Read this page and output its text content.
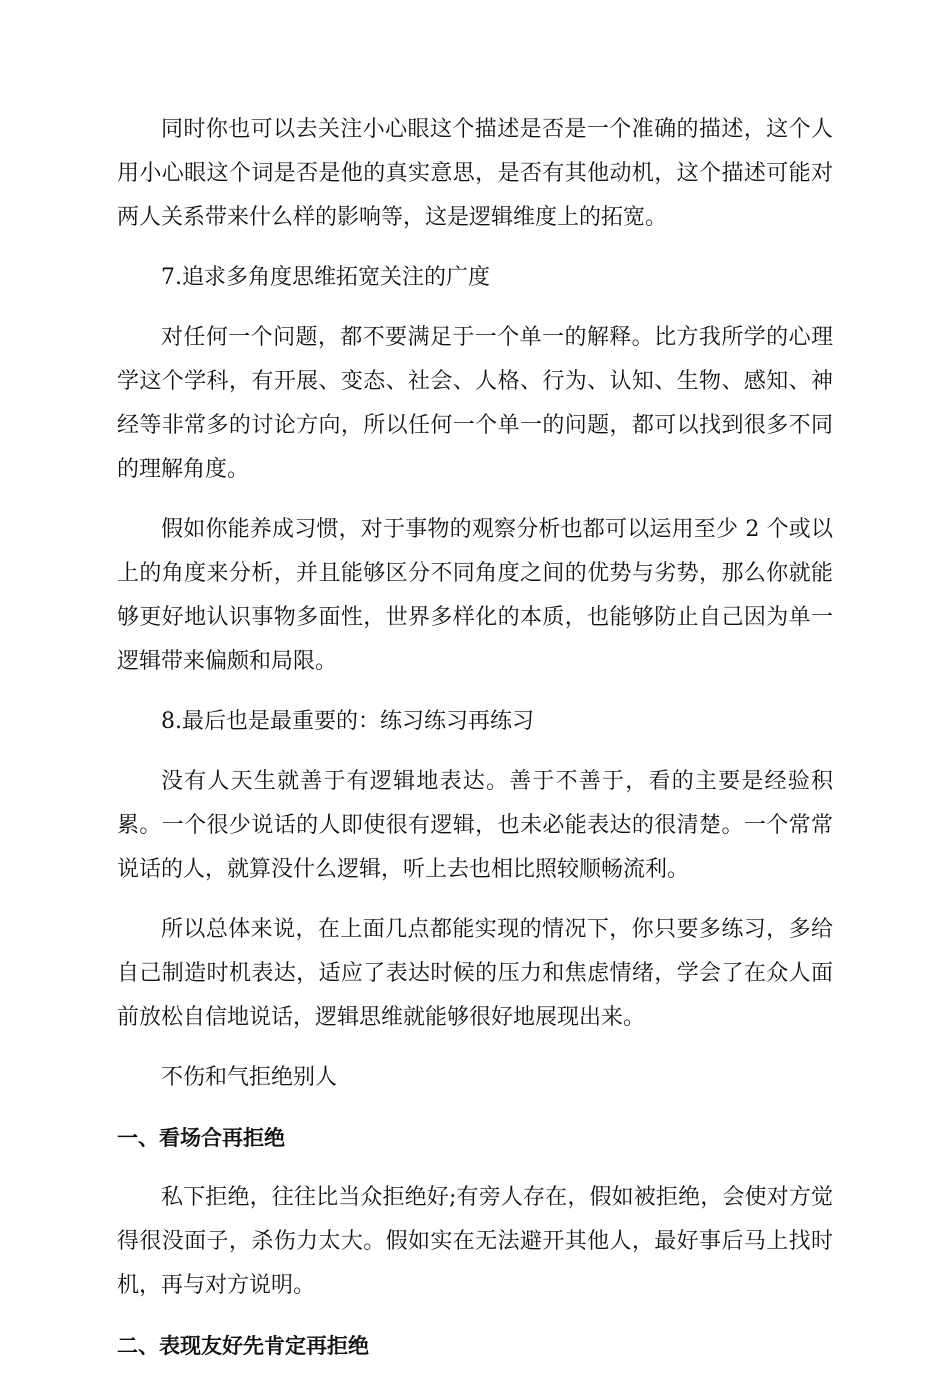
同时你也可以去关注小心眼这个描述是否是一个准确的描述，这个人用小心眼这个词是否是他的真实意思，是否有其他动机，这个描述可能对两人关系带来什么样的影响等，这是逻辑维度上的拓宽。

7.追求多角度思维拓宽关注的广度

对任何一个问题，都不要满足于一个单一的解释。比方我所学的心理学这个学科，有开展、变态、社会、人格、行为、认知、生物、感知、神经等非常多的讨论方向，所以任何一个单一的问题，都可以找到很多不同的理解角度。

假如你能养成习惯，对于事物的观察分析也都可以运用至少 2 个或以上的角度来分析，并且能够区分不同角度之间的优势与劣势，那么你就能够更好地认识事物多面性，世界多样化的本质，也能够防止自己因为单一逻辑带来偏颇和局限。

8.最后也是最重要的：练习练习再练习

没有人天生就善于有逻辑地表达。善于不善于，看的主要是经验积累。一个很少说话的人即使很有逻辑，也未必能表达的很清楚。一个常常说话的人，就算没什么逻辑，听上去也相比照较顺畅流利。

所以总体来说，在上面几点都能实现的情况下，你只要多练习，多给自己制造时机表达，适应了表达时候的压力和焦虑情绪，学会了在众人面前放松自信地说话，逻辑思维就能够很好地展现出来。

不伤和气拒绝别人

一、看场合再拒绝

私下拒绝，往往比当众拒绝好;有旁人存在，假如被拒绝，会使对方觉得很没面子，杀伤力太大。假如实在无法避开其他人，最好事后马上找时机，再与对方说明。

二、表现友好先肯定再拒绝
